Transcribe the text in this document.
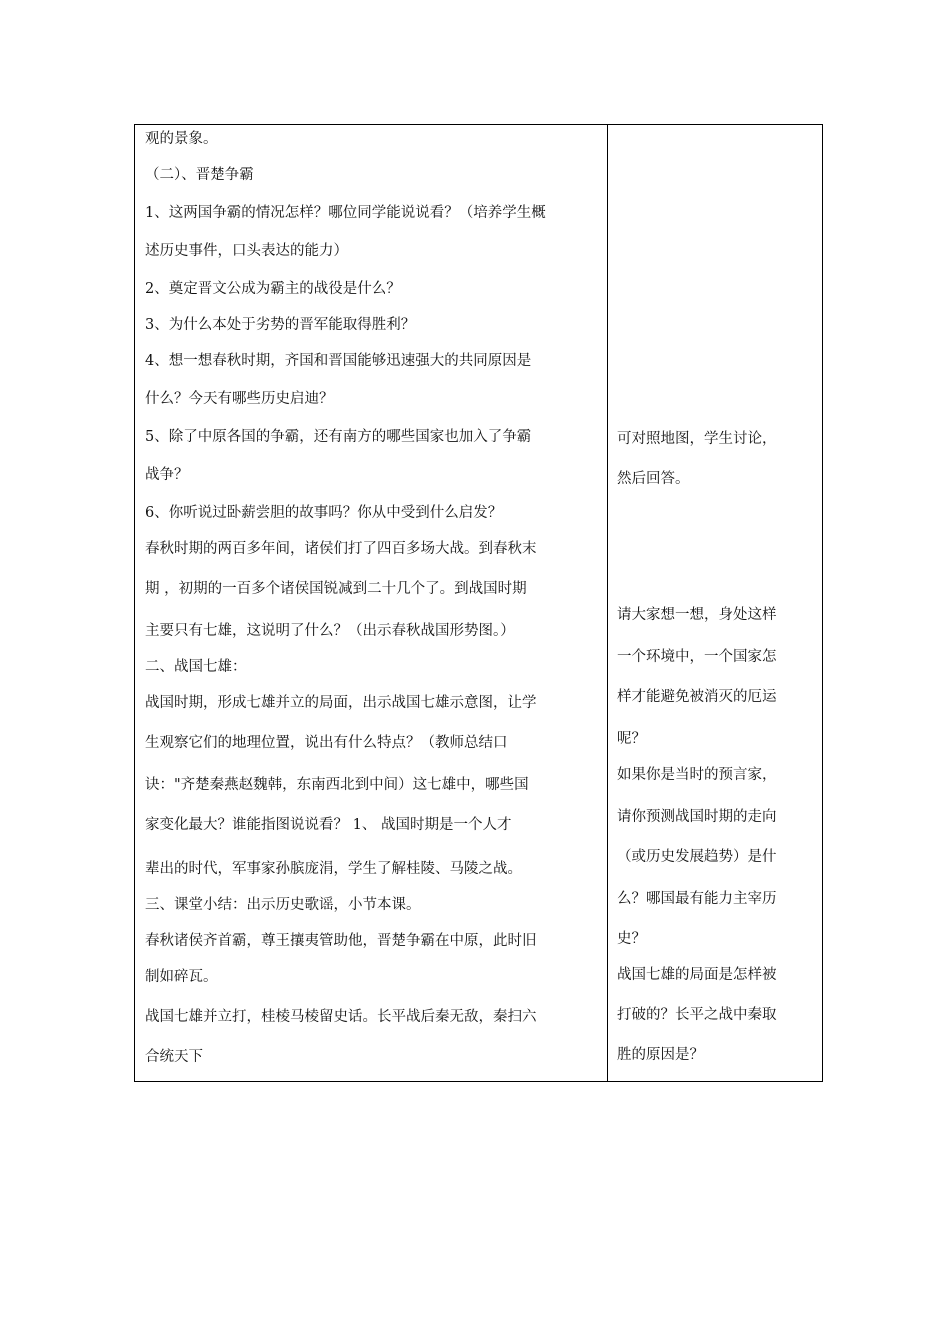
观的景象。
（二）、晋楚争霸
1、这两国争霸的情况怎样？哪位同学能说说看？（培养学生概
述历史事件，口头表达的能力）
2、奠定晋文公成为霸主的战役是什么？
3、为什么本处于劣势的晋军能取得胜利？
4、想一想春秋时期，齐国和晋国能够迅速强大的共同原因是
什么？今天有哪些历史启迪？
5、除了中原各国的争霸，还有南方的哪些国家也加入了争霸
战争？
6、你听说过卧薪尝胆的故事吗？你从中受到什么启发？
春秋时期的两百多年间，诸侯们打了四百多场大战。到春秋末
期 ，初期的一百多个诸侯国锐减到二十几个了。到战国时期
主要只有七雄，这说明了什么？（出示春秋战国形势图。）
二、战国七雄：
战国时期，形成七雄并立的局面，出示战国七雄示意图，让学
生观察它们的地理位置，说出有什么特点？（教师总结口
诀："齐楚秦燕赵魏韩，东南西北到中间）这七雄中，哪些国
家变化最大？谁能指图说说看？ 1、 战国时期是一个人才
辈出的时代，军事家孙膑庞涓，学生了解桂陵、马陵之战。
三、课堂小结：出示历史歌谣，小节本课。
春秋诸侯齐首霸，尊王攘夷管助他，晋楚争霸在中原，此时旧
制如碎瓦。
战国七雄并立打，桂棱马棱留史话。长平战后秦无敌，秦扫六
合统天下
可对照地图，学生讨论，
然后回答。
请大家想一想，身处这样
一个环境中，一个国家怎
样才能避免被消灭的厄运
呢？
如果你是当时的预言家，
请你预测战国时期的走向
（或历史发展趋势）是什
么？哪国最有能力主宰历
史？
战国七雄的局面是怎样被
打破的？长平之战中秦取
胜的原因是？
